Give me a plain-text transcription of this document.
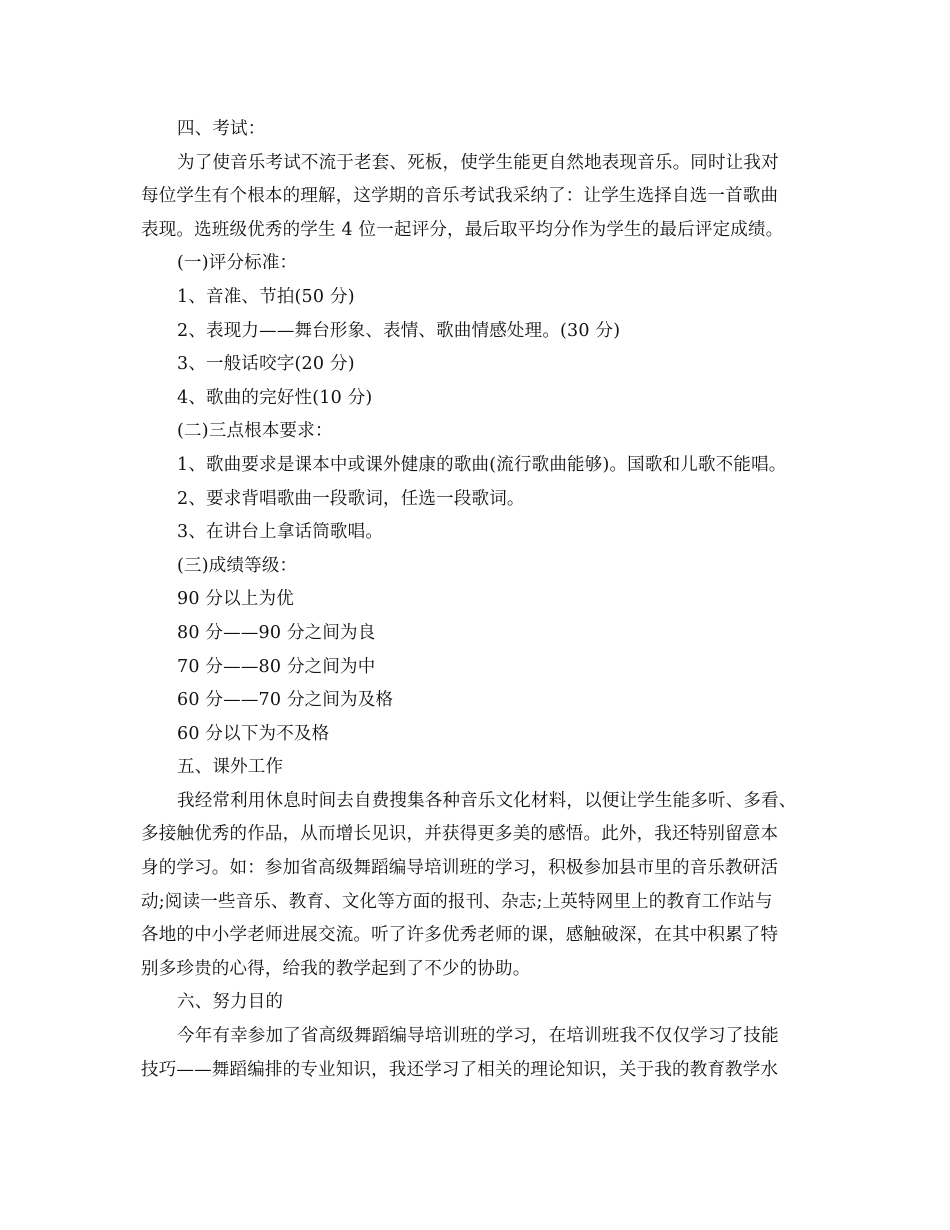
四、考试：
为了使音乐考试不流于老套、死板，使学生能更自然地表现音乐。同时让我对
每位学生有个根本的理解，这学期的音乐考试我采纳了：让学生选择自选一首歌曲
表现。选班级优秀的学生 4 位一起评分，最后取平均分作为学生的最后评定成绩。
(一)评分标准：
1、音准、节拍(50 分)
2、表现力——舞台形象、表情、歌曲情感处理。(30 分)
3、一般话咬字(20 分)
4、歌曲的完好性(10 分)
(二)三点根本要求：
1、歌曲要求是课本中或课外健康的歌曲(流行歌曲能够)。国歌和儿歌不能唱。
2、要求背唱歌曲一段歌词，任选一段歌词。
3、在讲台上拿话筒歌唱。
(三)成绩等级：
90 分以上为优
80 分——90 分之间为良
70 分——80 分之间为中
60 分——70 分之间为及格
60 分以下为不及格
五、课外工作
我经常利用休息时间去自费搜集各种音乐文化材料，以便让学生能多听、多看、
多接触优秀的作品，从而增长见识，并获得更多美的感悟。此外，我还特别留意本
身的学习。如：参加省高级舞蹈编导培训班的学习，积极参加县市里的音乐教研活
动;阅读一些音乐、教育、文化等方面的报刊、杂志;上英特网里上的教育工作站与
各地的中小学老师进展交流。听了许多优秀老师的课，感触破深，在其中积累了特
别多珍贵的心得，给我的教学起到了不少的协助。
六、努力目的
今年有幸参加了省高级舞蹈编导培训班的学习，在培训班我不仅仅学习了技能
技巧——舞蹈编排的专业知识，我还学习了相关的理论知识，关于我的教育教学水
